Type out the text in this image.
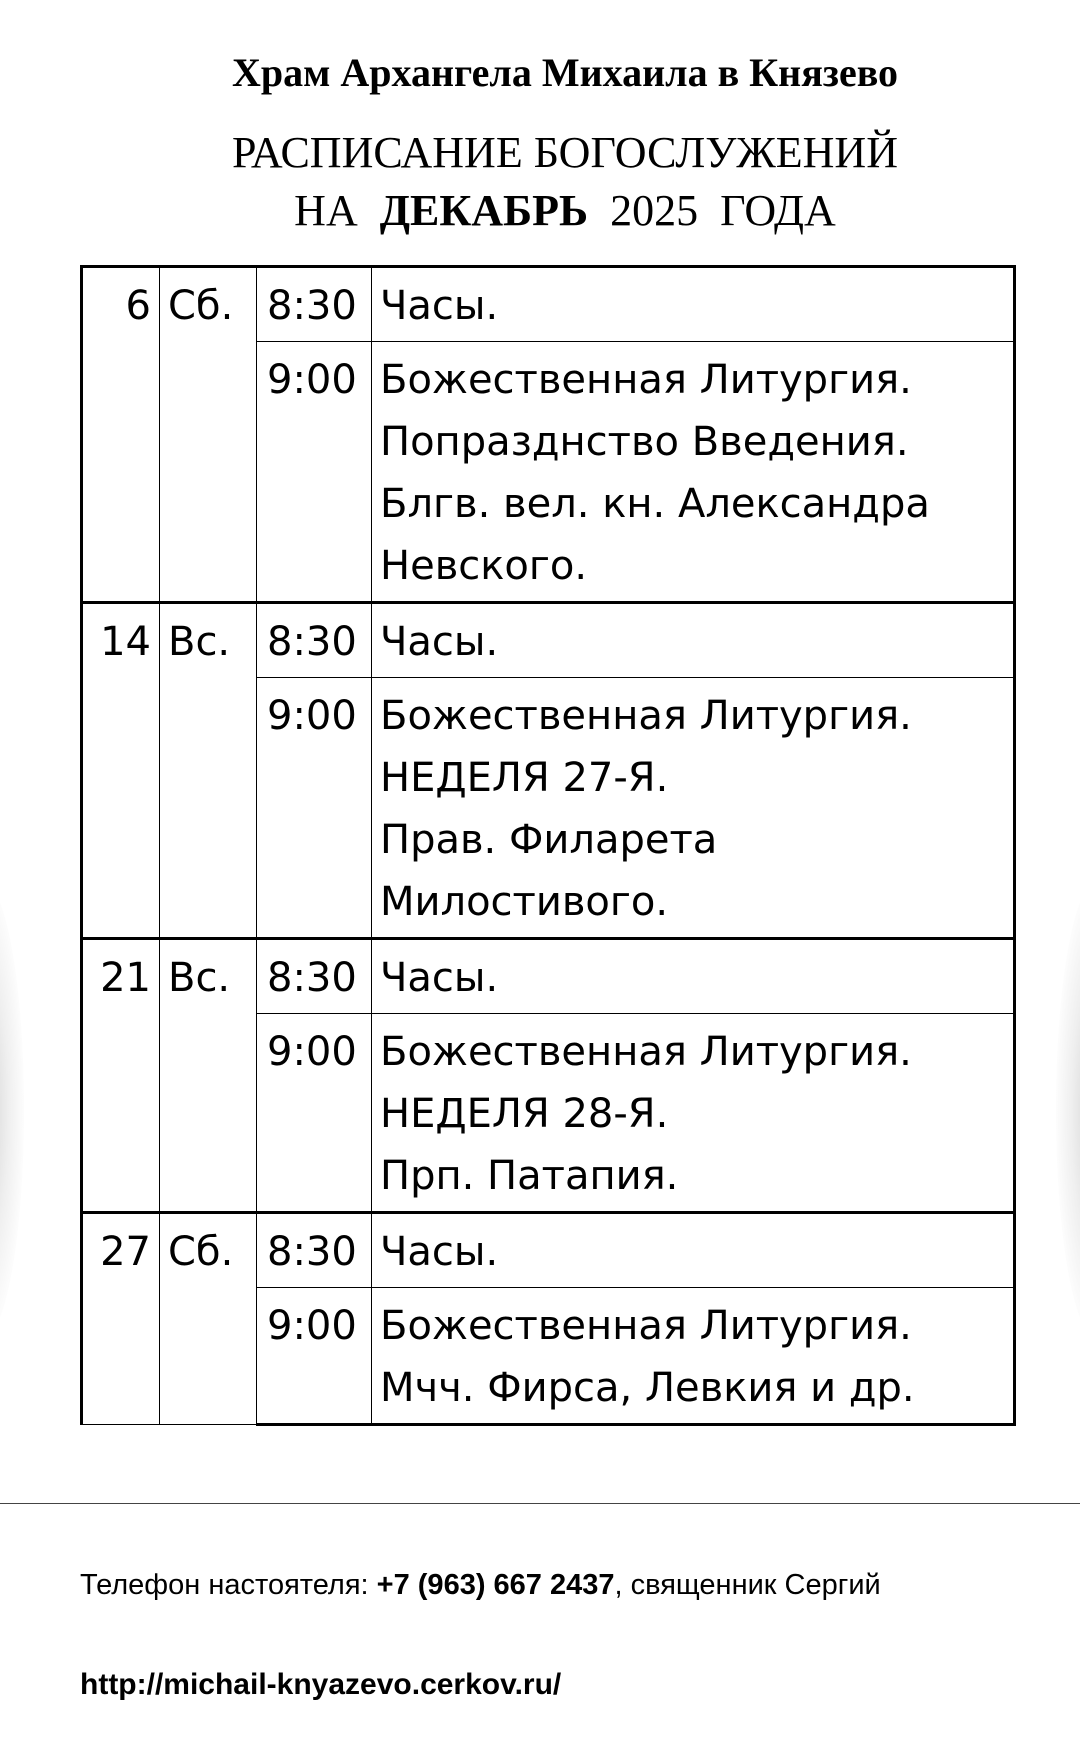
Храм Архангела Михаила в Князево
РАСПИСАНИЕ БОГОСЛУЖЕНИЙ
НА ДЕКАБРЬ 2025 ГОДА
6	Сб.	8:30	Часы.

		9:00	Божественная Литургия.
Попразднство Введения.
Блгв. вел. кн. Александра
Невского.

14	Вс.	8:30	Часы.

		9:00	Божественная Литургия.
НЕДЕЛЯ 27-Я.
Прав. Филарета
Милостивого.

21	Вс.	8:30	Часы.

		9:00	Божественная Литургия.
НЕДЕЛЯ 28-Я.
Прп. Патапия.

27	Сб.	8:30	Часы.

		9:00	Божественная Литургия.
Мчч. Фирса, Левкия и др.
Телефон настоятеля: +7 (963) 667 2437, священник Сергий
http://michail-knyazevo.cerkov.ru/
